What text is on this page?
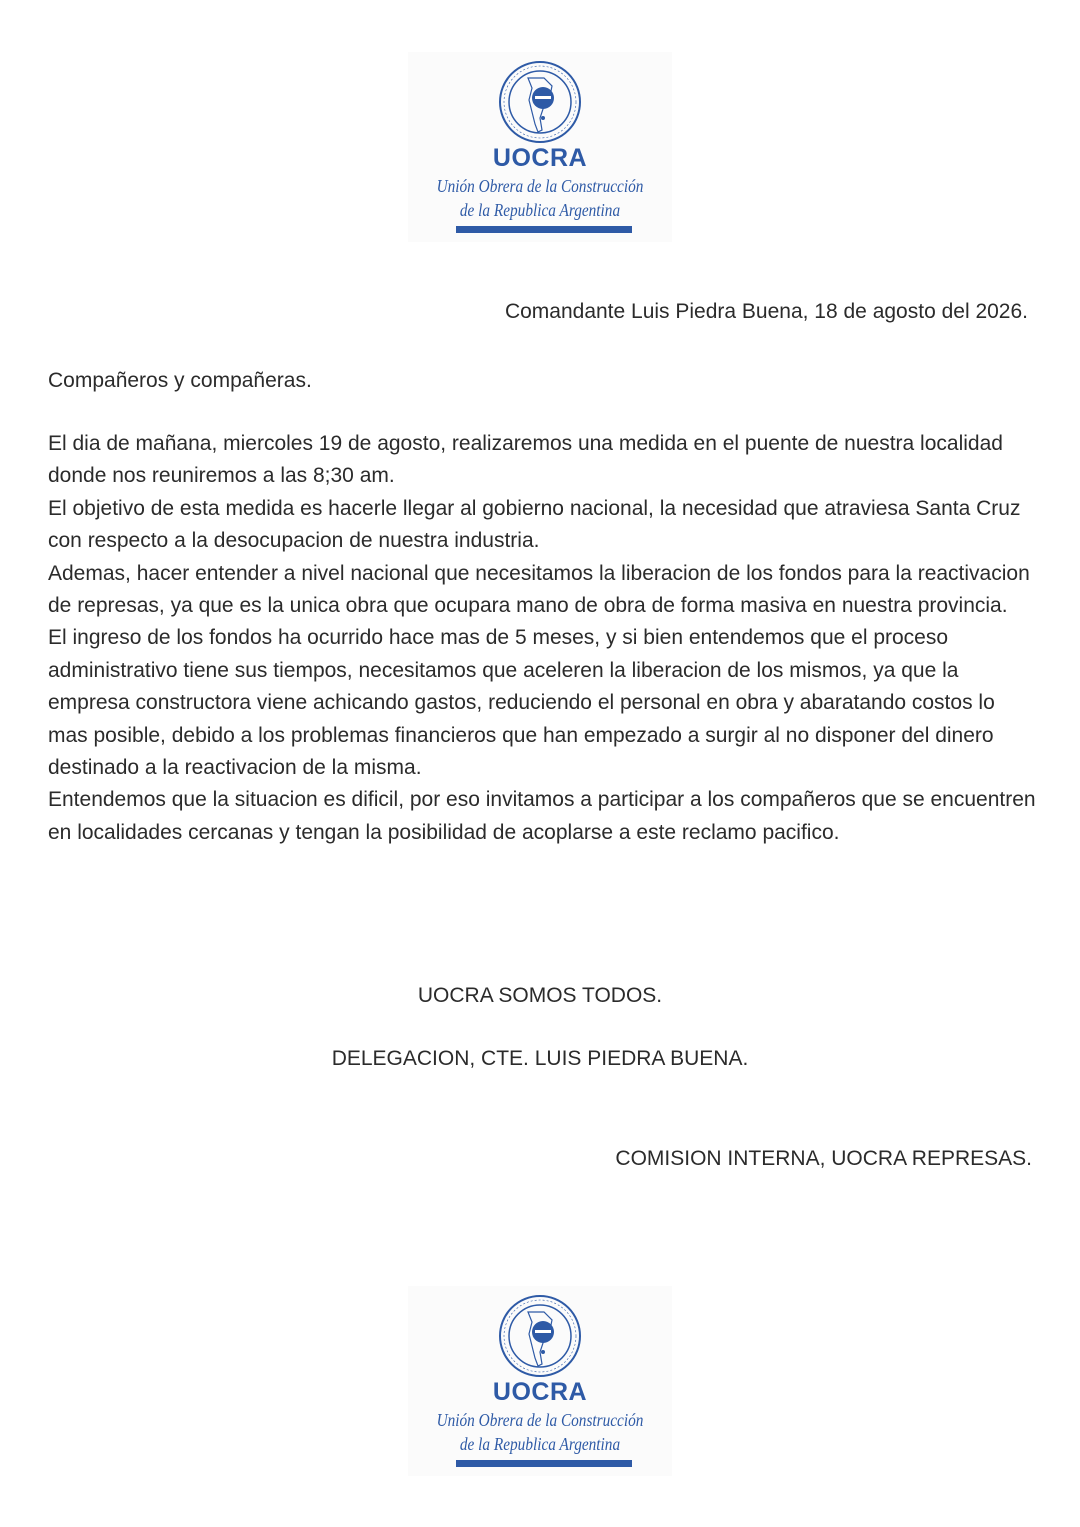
UOCRA
Unión Obrera de la Construcción
de la Republica Argentina
Comandante Luis Piedra Buena, 18 de agosto del 2026.
Compañeros y compañeras.

El dia de mañana, miercoles 19 de agosto, realizaremos una medida en el puente de nuestra localidad donde nos reuniremos a las 8;30 am.

El objetivo de esta medida es hacerle llegar al gobierno nacional, la necesidad que atraviesa Santa Cruz con respecto a la desocupacion de nuestra industria.

Ademas, hacer entender a nivel nacional que necesitamos la liberacion de los fondos para la reactivacion de represas, ya que es la unica obra que ocupara mano de obra de forma masiva en nuestra provincia.

El ingreso de los fondos ha ocurrido hace mas de 5 meses, y si bien entendemos que el proceso administrativo tiene sus tiempos, necesitamos que aceleren la liberacion de los mismos, ya que la empresa constructora viene achicando gastos, reduciendo el personal en obra y abaratando costos lo mas posible, debido a los problemas financieros que han empezado a surgir al no disponer del dinero destinado a la reactivacion de la misma.

Entendemos que la situacion es dificil, por eso invitamos a participar a los compañeros que se encuentren en localidades cercanas y tengan la posibilidad de acoplarse a este reclamo pacifico.

UOCRA SOMOS TODOS.
DELEGACION, CTE. LUIS PIEDRA BUENA.
COMISION INTERNA, UOCRA REPRESAS.
UOCRA
Unión Obrera de la Construcción
de la Republica Argentina
